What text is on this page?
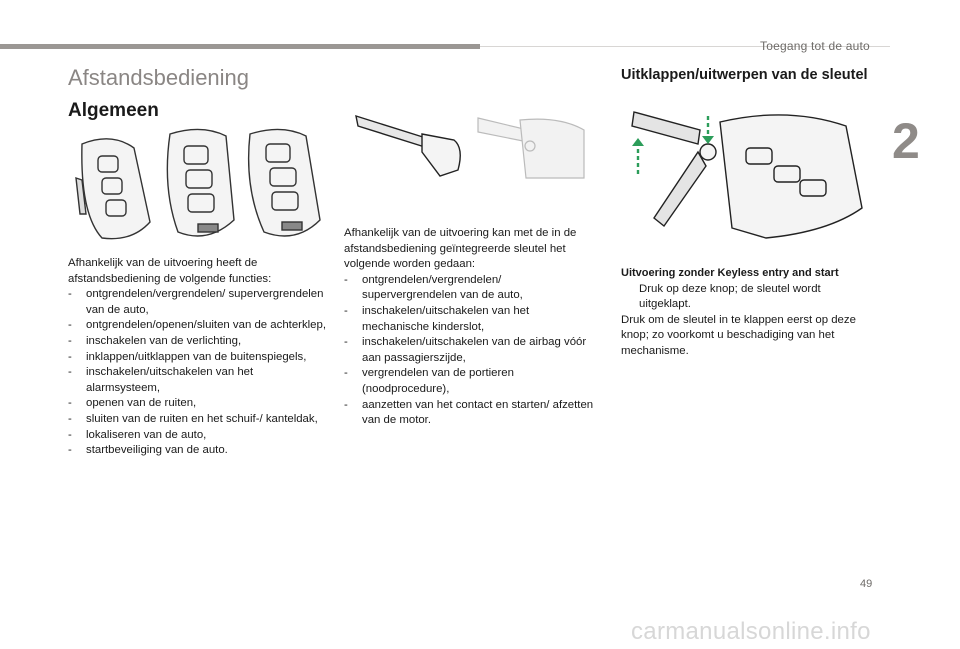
Toegang tot de auto
2
Afstandsbediening
Algemeen

Afhankelijk van de uitvoering heeft de afstandsbediening de volgende functies:

- ontgrendelen/vergrendelen/ supervergrendelen van de auto,
- ontgrendelen/openen/sluiten van de achterklep,
- inschakelen van de verlichting,
- inklappen/uitklappen van de buitenspiegels,
- inschakelen/uitschakelen van het alarmsysteem,
- openen van de ruiten,
- sluiten van de ruiten en het schuif-/ kanteldak,
- lokaliseren van de auto,
- startbeveiliging van de auto.

Afhankelijk van de uitvoering kan met de in de afstandsbediening geïntegreerde sleutel het volgende worden gedaan:

- ontgrendelen/vergrendelen/ supervergrendelen van de auto,
- inschakelen/uitschakelen van het mechanische kinderslot,
- inschakelen/uitschakelen van de airbag vóór aan passagierszijde,
- vergrendelen van de portieren (noodprocedure),
- aanzetten van het contact en starten/ afzetten van de motor.
Uitklappen/uitwerpen van de sleutel

Uitvoering zonder Keyless entry and start

Druk op deze knop; de sleutel wordt uitgeklapt.

Druk om de sleutel in te klappen eerst op deze knop; zo voorkomt u beschadiging van het mechanisme.

49
carmanualsonline.info
